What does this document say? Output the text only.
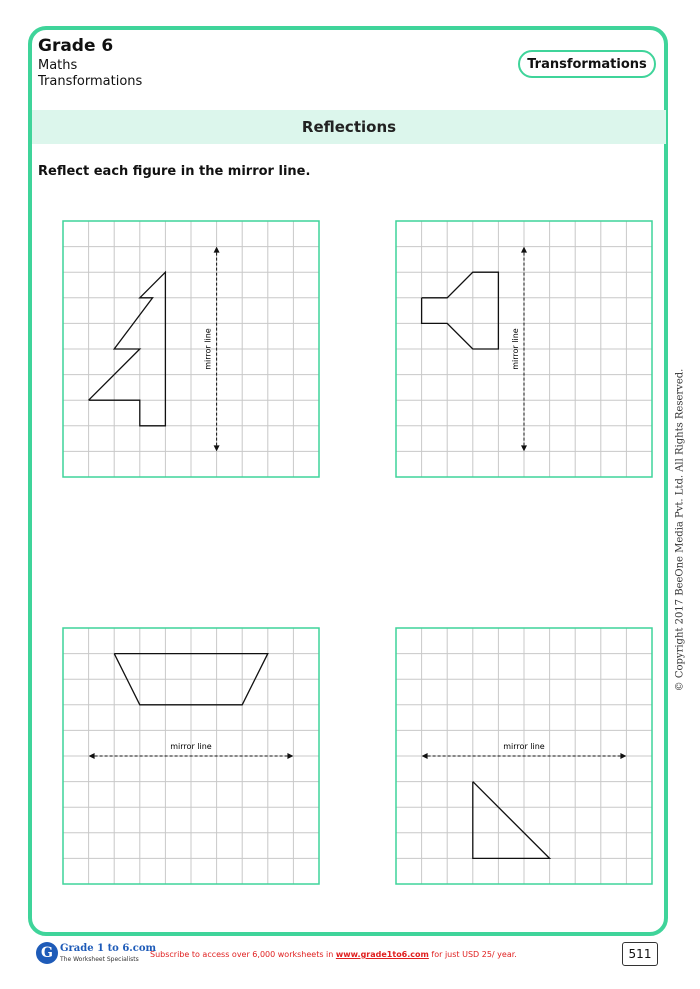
Grade 6
Maths
Transformations
Transformations
Reflections
Reflect each figure in the mirror line.
mirror line	mirror line
mirror line	mirror line
© Copyright 2017 BeeOne Media Pvt. Ltd. All Rights Reserved.
G Grade 1 to 6.com
The Worksheet Specialists
Subscribe to access over 6,000 worksheets in www.grade1to6.com for just USD 25/ year.	511
